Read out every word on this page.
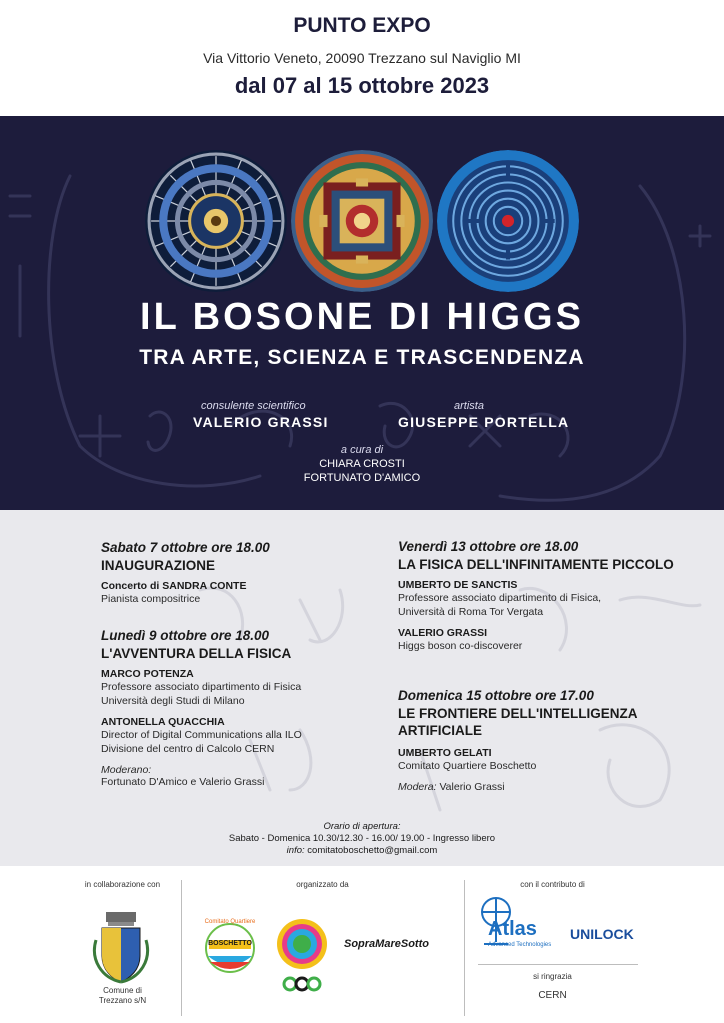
PUNTO EXPO
Via Vittorio Veneto, 20090 Trezzano sul Naviglio MI
dal 07 al 15 ottobre 2023
IL BOSONE DI HIGGS
TRA ARTE, SCIENZA E TRASCENDENZA
consulente scientifico
VALERIO GRASSI
artista
GIUSEPPE PORTELLA
a cura di
CHIARA CROSTI
FORTUNATO D'AMICO
Sabato 7 ottobre ore 18.00
INAUGURAZIONE
Concerto di SANDRA CONTE
Pianista compositrice
Lunedì 9 ottobre ore 18.00
L'AVVENTURA DELLA FISICA
MARCO POTENZA
Professore associato dipartimento di Fisica
Università degli Studi di Milano
ANTONELLA QUACCHIA
Director of Digital Communications alla ILO
Divisione del centro di Calcolo CERN
Moderano:
Fortunato D'Amico e Valerio Grassi
Venerdì 13 ottobre ore 18.00
LA FISICA DELL'INFINITAMENTE PICCOLO
UMBERTO DE SANCTIS
Professore associato dipartimento di Fisica,
Università di Roma Tor Vergata
VALERIO GRASSI
Higgs boson co-discoverer
Domenica 15 ottobre ore 17.00
LE FRONTIERE DELL'INTELLIGENZA
ARTIFICIALE
UMBERTO GELATI
Comitato Quartiere Boschetto
Modera: Valerio Grassi
Orario di apertura:
Sabato - Domenica 10.30/12.30 - 16.00/ 19.00 - Ingresso libero
info: comitatoboschetto@gmail.com
in collaborazione con	organizzato da	con il contributo di
Comune di
Trezzano s/N
Comitato Quartiere
BOSCHETTO	SopraMareSotto
Atlas
Advanced Technologies
UNILOCK
si ringrazia
CERN
